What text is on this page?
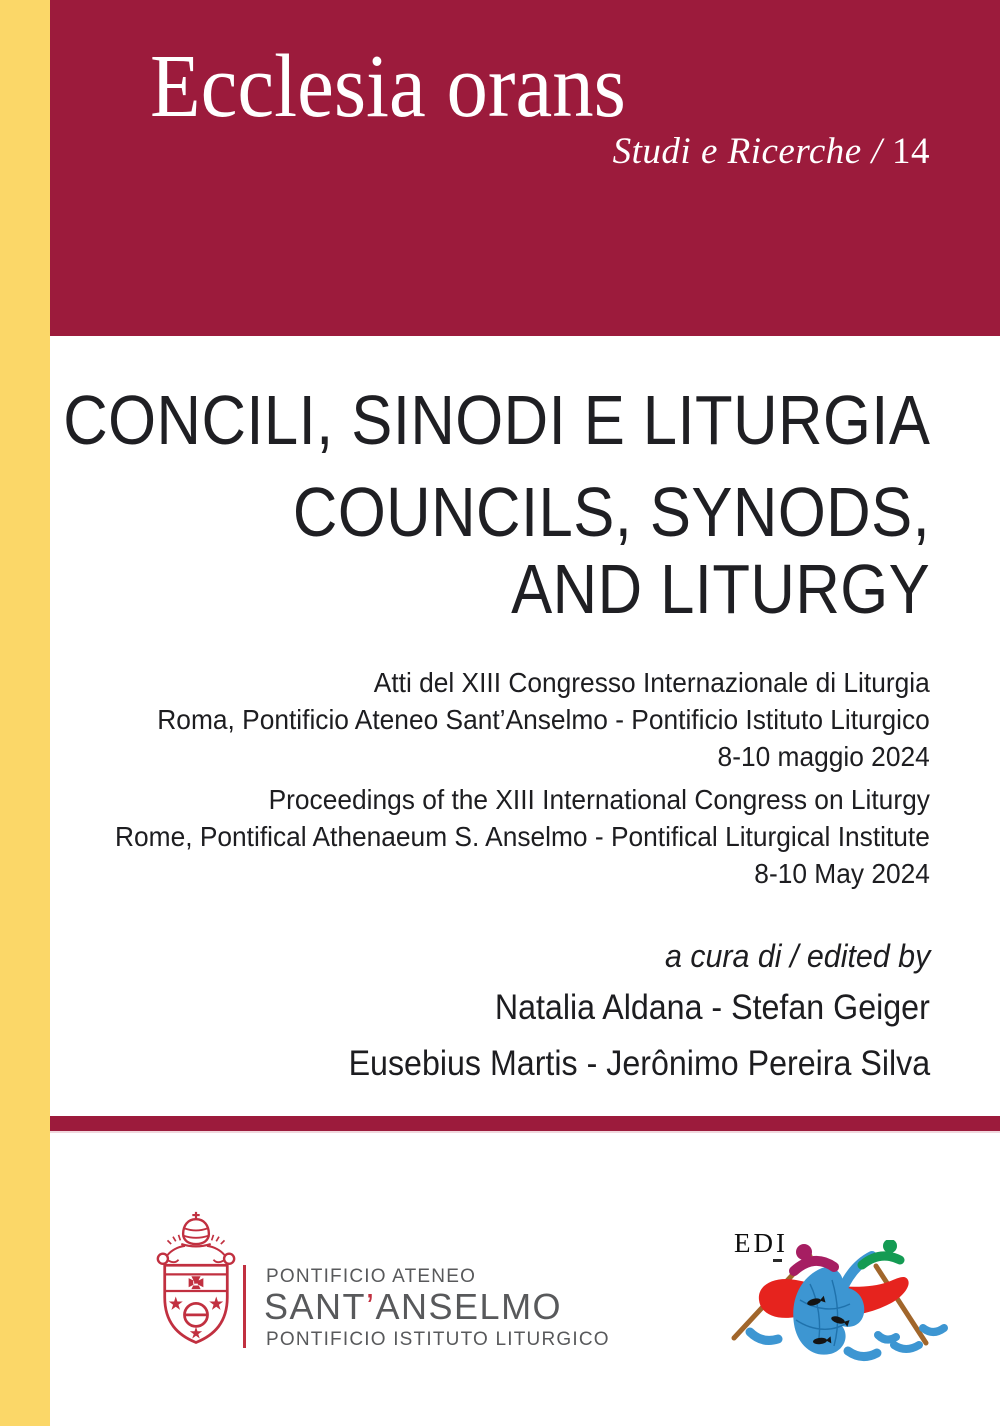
Ecclesia orans
Studi e Ricerche / 14
CONCILI, SINODI E LITURGIA
COUNCILS, SYNODS,
AND LITURGY
Atti del XIII Congresso Internazionale di Liturgia
Roma, Pontificio Ateneo Sant’Anselmo - Pontificio Istituto Liturgico
8-10 maggio 2024
Proceedings of the XIII International Congress on Liturgy
Rome, Pontifical Athenaeum S. Anselmo - Pontifical Liturgical Institute
8-10 May 2024
a cura di / edited by
Natalia Aldana - Stefan Geiger
Eusebius Martis - Jerônimo Pereira Silva
PONTIFICIO ATENEO
SANT’ANSELMO
PONTIFICIO ISTITUTO LITURGICO
EDI
